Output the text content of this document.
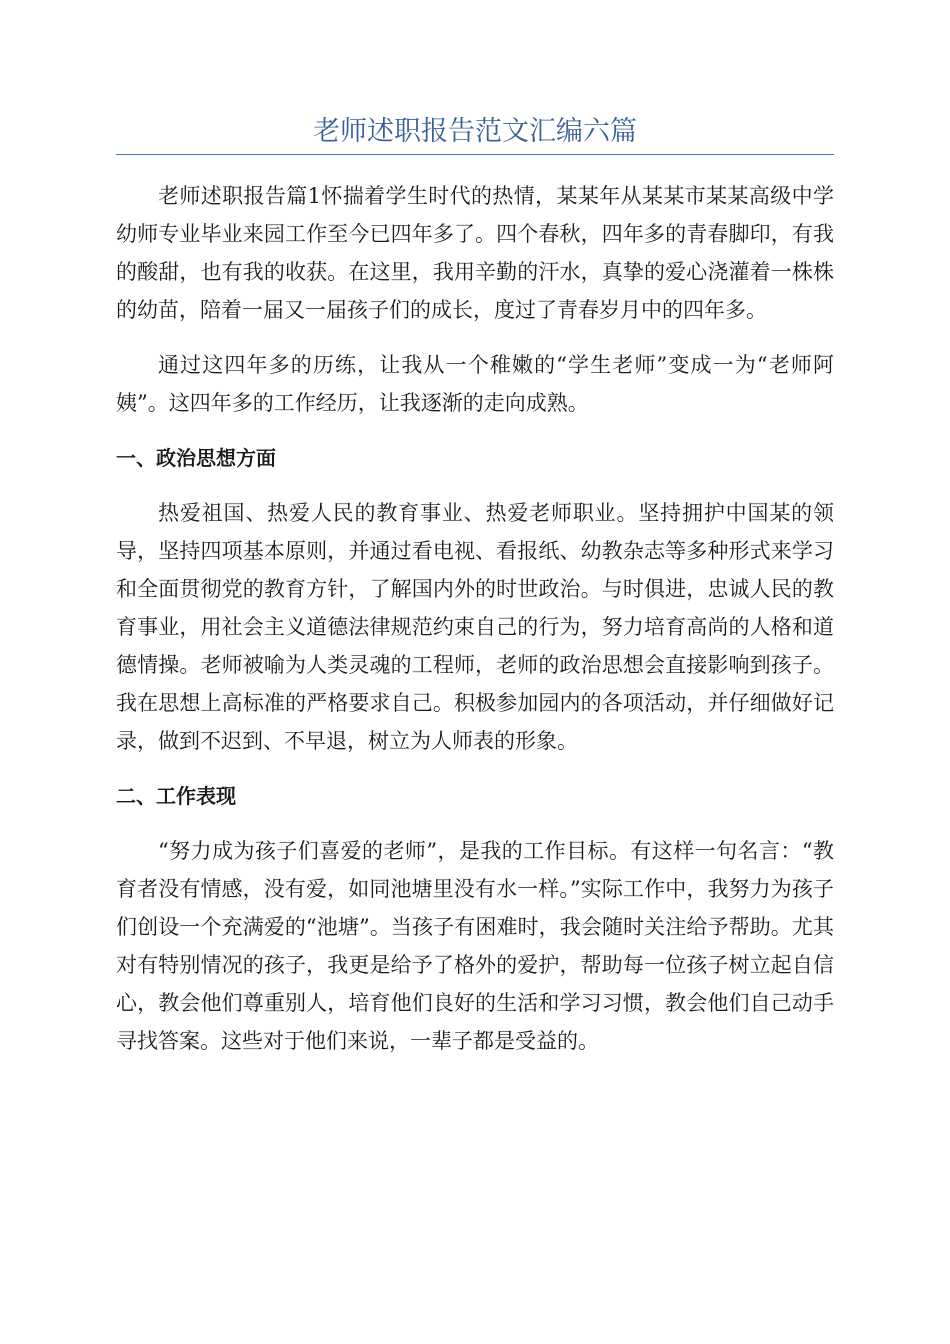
老师述职报告范文汇编六篇

老师述职报告篇1怀揣着学生时代的热情，某某年从某某市某某高级中学幼师专业毕业来园工作至今已四年多了。四个春秋，四年多的青春脚印，有我的酸甜，也有我的收获。在这里，我用辛勤的汗水，真挚的爱心浇灌着一株株的幼苗，陪着一届又一届孩子们的成长，度过了青春岁月中的四年多。

通过这四年多的历练，让我从一个稚嫩的“学生老师”变成一为“老师阿姨”。这四年多的工作经历，让我逐渐的走向成熟。

一、政治思想方面

热爱祖国、热爱人民的教育事业、热爱老师职业。坚持拥护中国某的领导，坚持四项基本原则，并通过看电视、看报纸、幼教杂志等多种形式来学习和全面贯彻党的教育方针，了解国内外的时世政治。与时俱进，忠诚人民的教育事业，用社会主义道德法律规范约束自己的行为，努力培育高尚的人格和道德情操。老师被喻为人类灵魂的工程师，老师的政治思想会直接影响到孩子。我在思想上高标准的严格要求自己。积极参加园内的各项活动，并仔细做好记录，做到不迟到、不早退，树立为人师表的形象。

二、工作表现

“努力成为孩子们喜爱的老师”，是我的工作目标。有这样一句名言：“教育者没有情感，没有爱，如同池塘里没有水一样。”实际工作中，我努力为孩子们创设一个充满爱的“池塘”。当孩子有困难时，我会随时关注给予帮助。尤其对有特别情况的孩子，我更是给予了格外的爱护，帮助每一位孩子树立起自信心，教会他们尊重别人，培育他们良好的生活和学习习惯，教会他们自己动手寻找答案。这些对于他们来说，一辈子都是受益的。
